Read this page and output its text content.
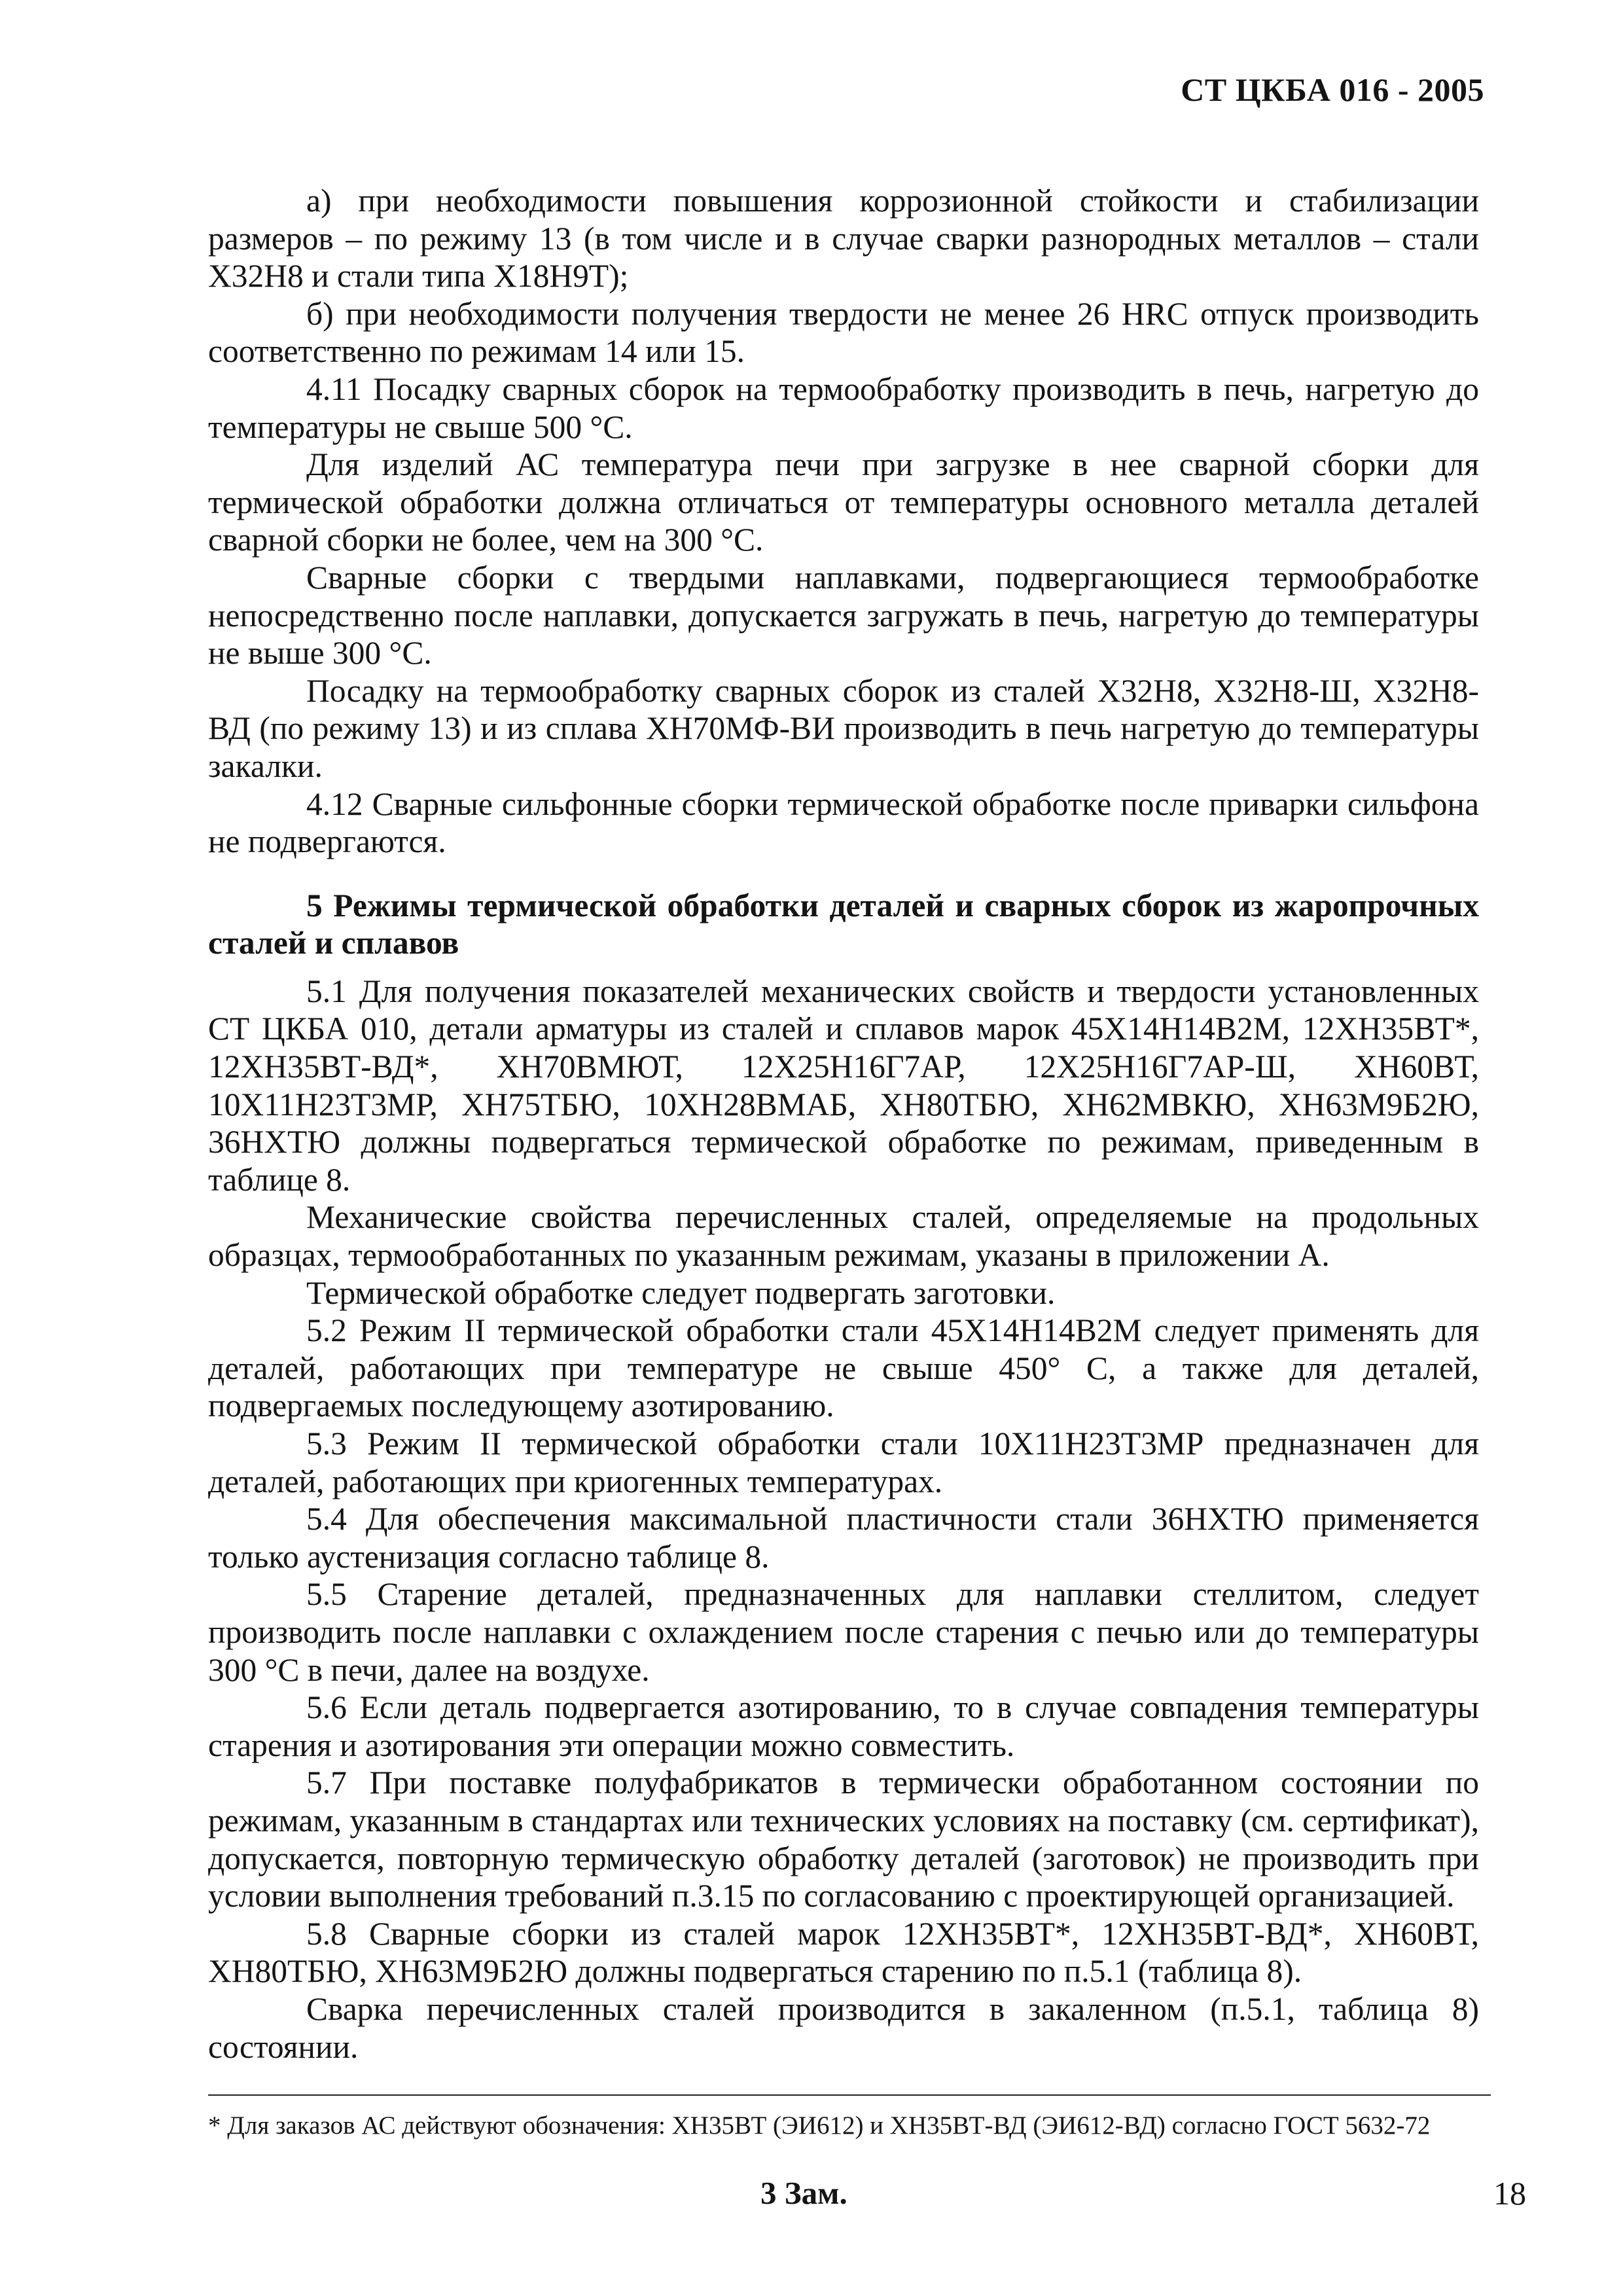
СТ ЦКБА 016 - 2005

а) при необходимости повышения коррозионной стойкости и стабилизации размеров – по режиму 13 (в том числе и в случае сварки разнородных металлов – стали Х32Н8 и стали типа Х18Н9Т);

б) при необходимости получения твердости не менее 26 HRC отпуск производить соответственно по режимам 14 или 15.

4.11 Посадку сварных сборок на термообработку производить в печь, нагретую до температуры не свыше 500 °С.

Для изделий АС температура печи при загрузке в нее сварной сборки для термической обработки должна отличаться от температуры основного металла деталей сварной сборки не более, чем на 300 °С.

Сварные сборки с твердыми наплавками, подвергающиеся термообработке непосредственно после наплавки, допускается загружать в печь, нагретую до температуры не выше 300 °С.

Посадку на термообработку сварных сборок из сталей Х32Н8, Х32Н8-Ш, Х32Н8-ВД (по режиму 13) и из сплава ХН70МФ-ВИ производить в печь нагретую до температуры закалки.

4.12 Сварные сильфонные сборки термической обработке после приварки сильфона не подвергаются.

5 Режимы термической обработки деталей и сварных сборок из жаропрочных сталей и сплавов

5.1 Для получения показателей механических свойств и твердости установленных СТ ЦКБА 010, детали арматуры из сталей и сплавов марок 45Х14Н14В2М, 12ХН35ВТ*, 12ХН35ВТ-ВД*, ХН70ВМЮТ, 12Х25Н16Г7АР, 12Х25Н16Г7АР-Ш, ХН60ВТ, 10Х11Н23Т3МР, ХН75ТБЮ, 10ХН28ВМАБ, ХН80ТБЮ, ХН62МВКЮ, ХН63М9Б2Ю, 36НХТЮ должны подвергаться термической обработке по режимам, приведенным в таблице 8.

Механические свойства перечисленных сталей, определяемые на продольных образцах, термообработанных по указанным режимам, указаны в приложении А.

Термической обработке следует подвергать заготовки.

5.2 Режим II термической обработки стали 45Х14Н14В2М следует применять для деталей, работающих при температуре не свыше 450° С, а также для деталей, подвергаемых последующему азотированию.

5.3 Режим II термической обработки стали 10Х11Н23Т3МР предназначен для деталей, работающих при криогенных температурах.

5.4 Для обеспечения максимальной пластичности стали 36НХТЮ применяется только аустенизация согласно таблице 8.

5.5 Старение деталей, предназначенных для наплавки стеллитом, следует производить после наплавки с охлаждением после старения с печью или до температуры 300 °С в печи, далее на воздухе.

5.6 Если деталь подвергается азотированию, то в случае совпадения температуры старения и азотирования эти операции можно совместить.

5.7 При поставке полуфабрикатов в термически обработанном состоянии по режимам, указанным в стандартах или технических условиях на поставку (см. сертификат), допускается, повторную термическую обработку деталей (заготовок) не производить при условии выполнения требований п.3.15 по согласованию с проектирующей организацией.

5.8 Сварные сборки из сталей марок 12ХН35ВТ*, 12ХН35ВТ-ВД*, ХН60ВТ, ХН80ТБЮ, ХН63М9Б2Ю должны подвергаться старению по п.5.1 (таблица 8).

Сварка перечисленных сталей производится в закаленном (п.5.1, таблица 8) состоянии.

* Для заказов АС действуют обозначения: ХН35ВТ (ЭИ612) и ХН35ВТ-ВД (ЭИ612-ВД) согласно ГОСТ 5632-72

3 Зам.	18
